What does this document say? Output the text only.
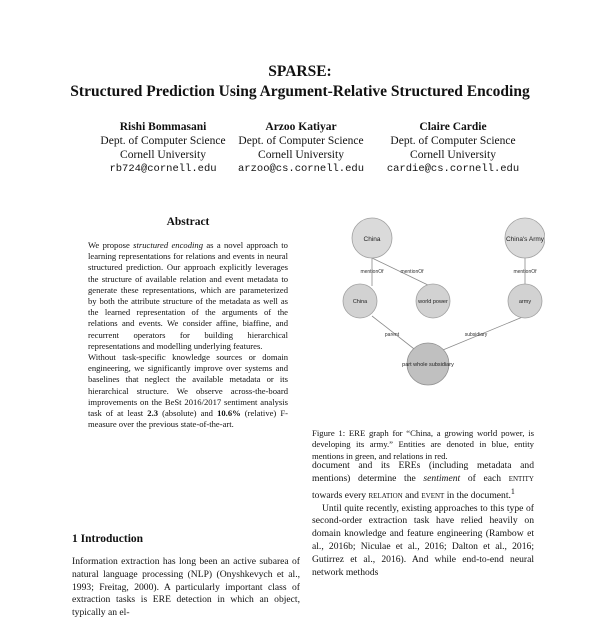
SPARSE:
Structured Prediction Using Argument-Relative Structured Encoding
Rishi Bommasani
Dept. of Computer Science
Cornell University
rb724@cornell.edu
Arzoo Katiyar
Dept. of Computer Science
Cornell University
arzoo@cs.cornell.edu
Claire Cardie
Dept. of Computer Science
Cornell University
cardie@cs.cornell.edu
Abstract

We propose structured encoding as a novel approach to learning representations for relations and events in neural structured prediction. Our approach explicitly leverages the structure of available relation and event metadata to generate these representations, which are parameterized by both the attribute structure of the metadata as well as the learned representation of the arguments of the relations and events. We consider affine, biaffine, and recurrent operators for building hierarchical representations and modelling underlying features.

Without task-specific knowledge sources or domain engineering, we significantly improve over systems and baselines that neglect the available metadata or its hierarchical structure. We observe across-the-board improvements on the BeSt 2016/2017 sentiment analysis task of at least 2.3 (absolute) and 10.6% (relative) F-measure over the previous state-of-the-art.

1 Introduction

Information extraction has long been an active subarea of natural language processing (NLP) (Onyshkevych et al., 1993; Freitag, 2000). A particularly important class of extraction tasks is ERE detection in which an object, typically an el-

China	China's Army
China	world power	army
part whole subsidiary
mentionOf	mentionOf	mentionOf
parent	subsidiary
Figure 1: ERE graph for “China, a growing world power, is developing its army.” Entities are denoted in blue, entity mentions in green, and relations in red.

document and its EREs (including metadata and mentions) determine the sentiment of each entity towards every relation and event in the document.$^1$

Until quite recently, existing approaches to this type of second-order extraction task have relied heavily on domain knowledge and feature engineering (Rambow et al., 2016b; Niculae et al., 2016; Dalton et al., 2016; Gutirrez et al., 2016). And while end-to-end neural network methods
